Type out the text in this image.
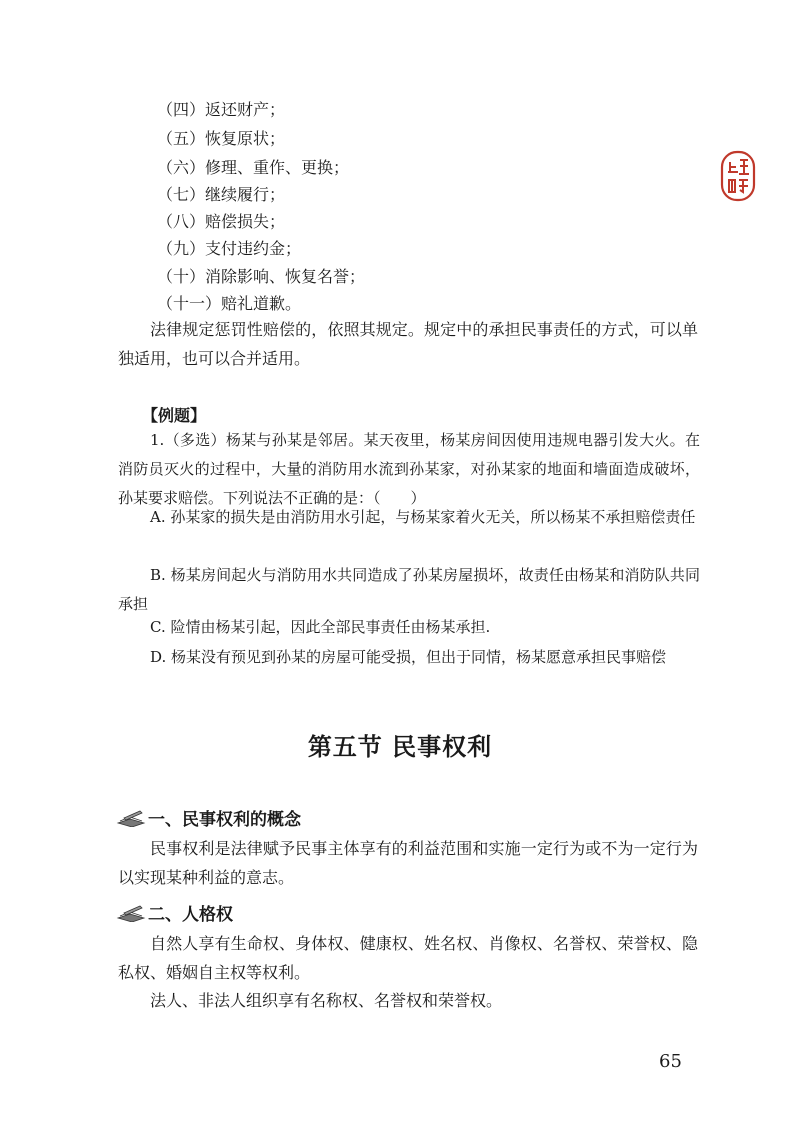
（四）返还财产；
（五）恢复原状；
（六）修理、重作、更换；
（七）继续履行；
（八）赔偿损失；
（九）支付违约金；
（十）消除影响、恢复名誉；
（十一）赔礼道歉。
法律规定惩罚性赔偿的，依照其规定。规定中的承担民事责任的方式，可以单独适用，也可以合并适用。
【例题】
1.（多选）杨某与孙某是邻居。某天夜里，杨某房间因使用违规电器引发大火。在消防员灭火的过程中，大量的消防用水流到孙某家，对孙某家的地面和墙面造成破坏，孙某要求赔偿。下列说法不正确的是：（　　）
A. 孙某家的损失是由消防用水引起，与杨某家着火无关，所以杨某不承担赔偿责任
B. 杨某房间起火与消防用水共同造成了孙某房屋损坏，故责任由杨某和消防队共同承担
C. 险情由杨某引起，因此全部民事责任由杨某承担.
D. 杨某没有预见到孙某的房屋可能受损，但出于同情，杨某愿意承担民事赔偿
第五节 民事权利
一、民事权利的概念
民事权利是法律赋予民事主体享有的利益范围和实施一定行为或不为一定行为以实现某种利益的意志。
二、人格权
自然人享有生命权、身体权、健康权、姓名权、肖像权、名誉权、荣誉权、隐私权、婚姻自主权等权利。
法人、非法人组织享有名称权、名誉权和荣誉权。
65
